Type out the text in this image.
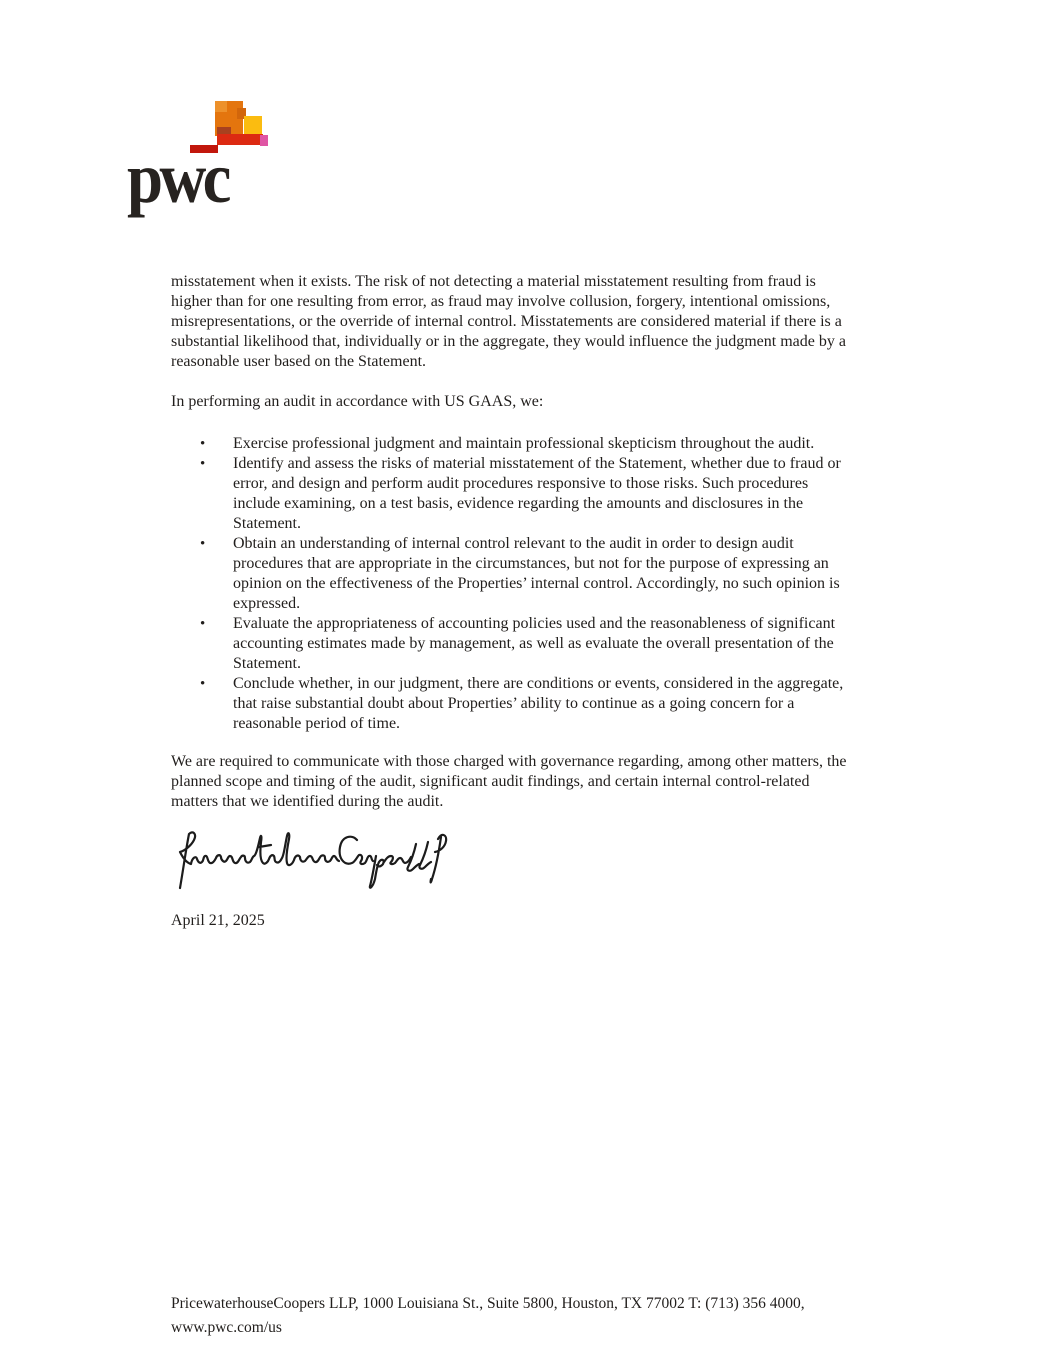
pwc
misstatement when it exists. The risk of not detecting a material misstatement resulting from fraud is
higher than for one resulting from error, as fraud may involve collusion, forgery, intentional omissions,
misrepresentations, or the override of internal control. Misstatements are considered material if there is a
substantial likelihood that, individually or in the aggregate, they would influence the judgment made by a
reasonable user based on the Statement.
In performing an audit in accordance with US GAAS, we:
• Exercise professional judgment and maintain professional skepticism throughout the audit.
• Identify and assess the risks of material misstatement of the Statement, whether due to fraud or
error, and design and perform audit procedures responsive to those risks. Such procedures
include examining, on a test basis, evidence regarding the amounts and disclosures in the
Statement.
• Obtain an understanding of internal control relevant to the audit in order to design audit
procedures that are appropriate in the circumstances, but not for the purpose of expressing an
opinion on the effectiveness of the Properties’ internal control. Accordingly, no such opinion is
expressed.
• Evaluate the appropriateness of accounting policies used and the reasonableness of significant
accounting estimates made by management, as well as evaluate the overall presentation of the
Statement.
• Conclude whether, in our judgment, there are conditions or events, considered in the aggregate,
that raise substantial doubt about Properties’ ability to continue as a going concern for a
reasonable period of time.
We are required to communicate with those charged with governance regarding, among other matters, the
planned scope and timing of the audit, significant audit findings, and certain internal control-related
matters that we identified during the audit.
April 21, 2025
PricewaterhouseCoopers LLP, 1000 Louisiana St., Suite 5800, Houston, TX 77002 T: (713) 356 4000,
www.pwc.com/us
